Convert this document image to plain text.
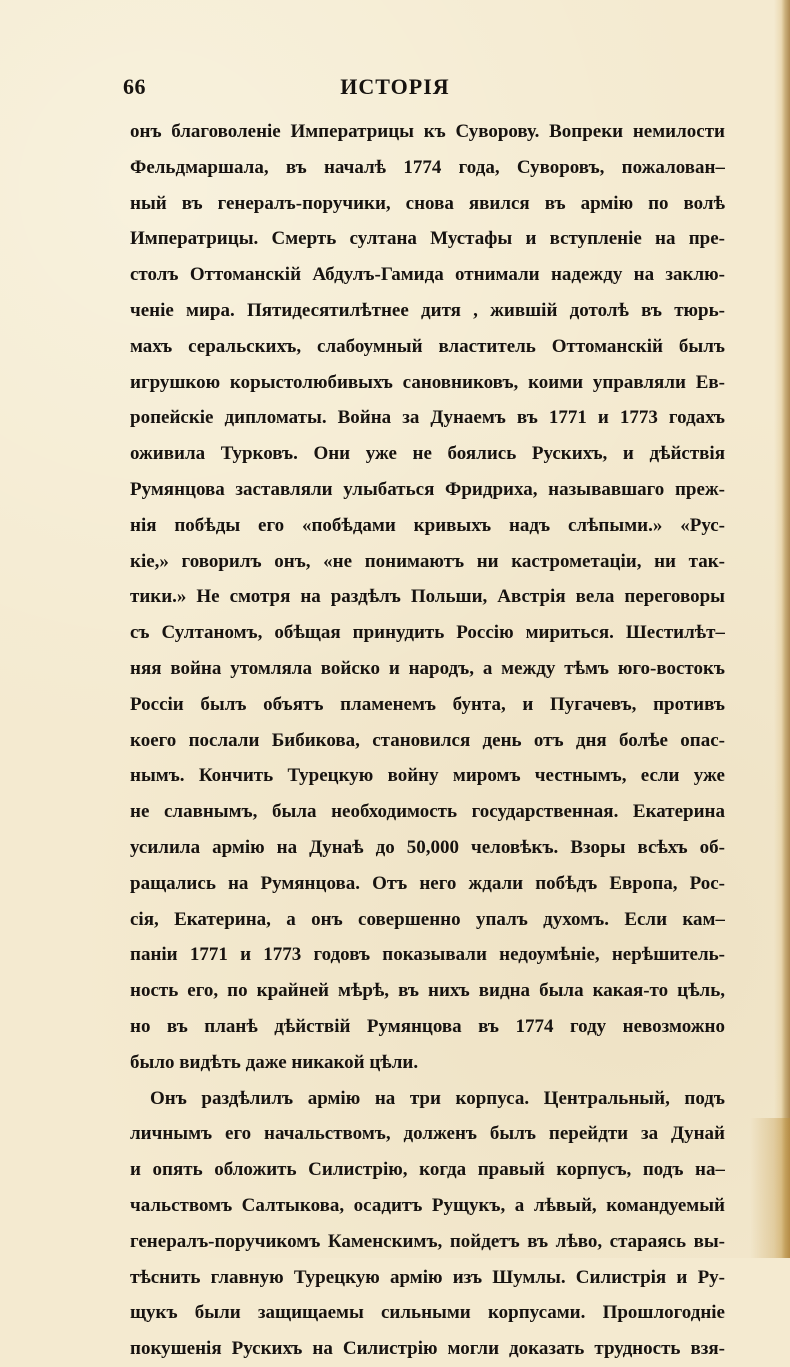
66	ИСТОРІЯ
онъ благоволеніе Императрицы къ Суворову. Вопреки немилости
Фельдмаршала, въ началѣ 1774 года, Суворовъ, пожалован–
ный въ генералъ-поручики, снова явился въ армію по волѣ
Императрицы. Смерть султана Мустафы и вступленіе на пре-
столъ Оттоманскій Абдулъ-Гамида отнимали надежду на заклю-
ченіе мира. Пятидесятилѣтнее дитя , жившій дотолѣ въ тюрь-
махъ серальскихъ, слабоумный властитель Оттоманскій былъ
игрушкою корыстолюбивыхъ сановниковъ, коими управляли Ев-
ропейскіе дипломаты. Война за Дунаемъ въ 1771 и 1773 годахъ
оживила Турковъ. Они уже не боялись Рускихъ, и дѣйствія
Румянцова заставляли улыбаться Фридриха, называвшаго преж-
нія побѣды его «побѣдами кривыхъ надъ слѣпыми.» «Рус-
кіе,» говорилъ онъ, «не понимаютъ ни кастрометаціи, ни так-
тики.» Не смотря на раздѣлъ Польши, Австрія вела переговоры
съ Султаномъ, обѣщая принудить Россію мириться. Шестилѣт–
няя война утомляла войско и народъ, а между тѣмъ юго-востокъ
Россіи былъ объятъ пламенемъ бунта, и Пугачевъ, противъ
коего послали Бибикова, становился день отъ дня болѣе опас-
нымъ. Кончить Турецкую войну миромъ честнымъ, если уже
не славнымъ, была необходимость государственная. Екатерина
усилила армію на Дунаѣ до 50,000 человѣкъ. Взоры всѣхъ об-
ращались на Румянцова. Отъ него ждали побѣдъ Европа, Рос-
сія, Екатерина, а онъ совершенно упалъ духомъ. Если кам–
паніи 1771 и 1773 годовъ показывали недоумѣніе, нерѣшитель-
ность его, по крайней мѣрѣ, въ нихъ видна была какая-то цѣль,
но въ планѣ дѣйствій Румянцова въ 1774 году невозможно
было видѣть даже никакой цѣли.
Онъ раздѣлилъ армію на три корпуса. Центральный, подъ
личнымъ его начальствомъ, долженъ былъ перейдти за Дунай
и опять обложить Силистрію, когда правый корпусъ, подъ на–
чальствомъ Салтыкова, осадитъ Рущукъ, а лѣвый, командуемый
генералъ-поручикомъ Каменскимъ, пойдетъ въ лѣво, стараясь вы-
тѣснить главную Турецкую армію изъ Шумлы. Силистрія и Ру-
щукъ были защищаемы сильными корпусами. Прошлогодніе
покушенія Рускихъ на Силистрію могли доказать трудность взя-
